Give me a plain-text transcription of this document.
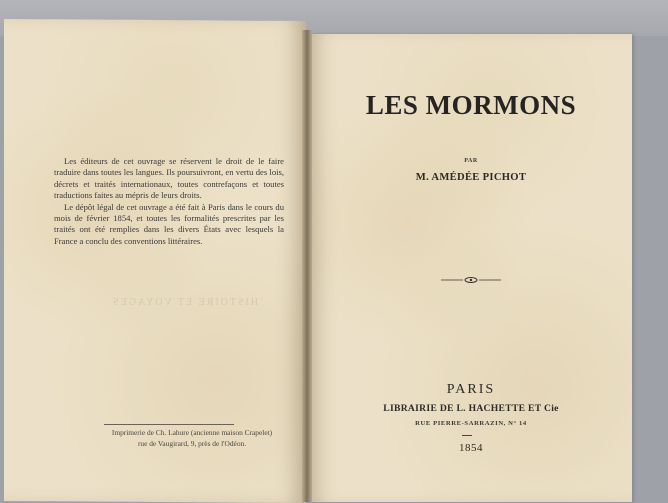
Les éditeurs de cet ouvrage se réservent le droit de le faire traduire dans toutes les langues. Ils poursuivront, en vertu des lois, décrets et traités internationaux, toutes contrefaçons et toutes traductions faites au mépris de leurs droits.

Le dépôt légal de cet ouvrage a été fait à Paris dans le cours du mois de février 1854, et toutes les formalités prescrites par les traités ont été remplies dans les divers États avec lesquels la France a conclu des conventions littéraires.

HISTOIRE ET VOYAGES
Imprimerie de Ch. Lahure (ancienne maison Crapelet)
rue de Vaugirard, 9, près de l'Odéon.
LES MORMONS
PAR
M. AMÉDÉE PICHOT
PARIS
LIBRAIRIE DE L. HACHETTE ET Cie
RUE PIERRE-SARRAZIN, N° 14
1854
